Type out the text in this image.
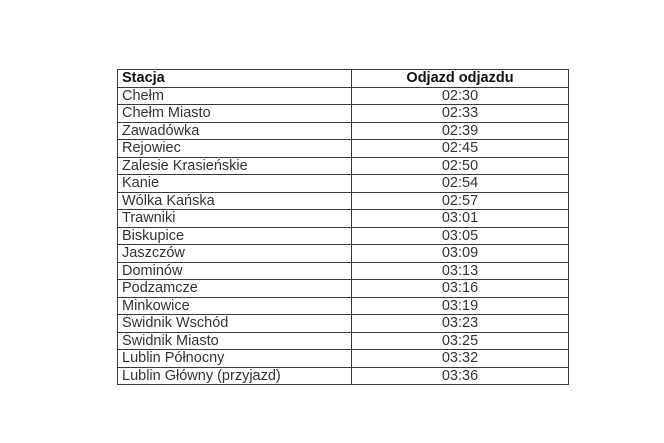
Stacja	Odjazd odjazdu
Chełm	02:30
Chełm Miasto	02:33
Zawadówka	02:39
Rejowiec	02:45
Zalesie Krasieńskie	02:50
Kanie	02:54
Wólka Kańska	02:57
Trawniki	03:01
Biskupice	03:05
Jaszczów	03:09
Dominów	03:13
Podzamcze	03:16
Minkowice	03:19
Świdnik Wschód	03:23
Świdnik Miasto	03:25
Lublin Północny	03:32
Lublin Główny (przyjazd)	03:36
